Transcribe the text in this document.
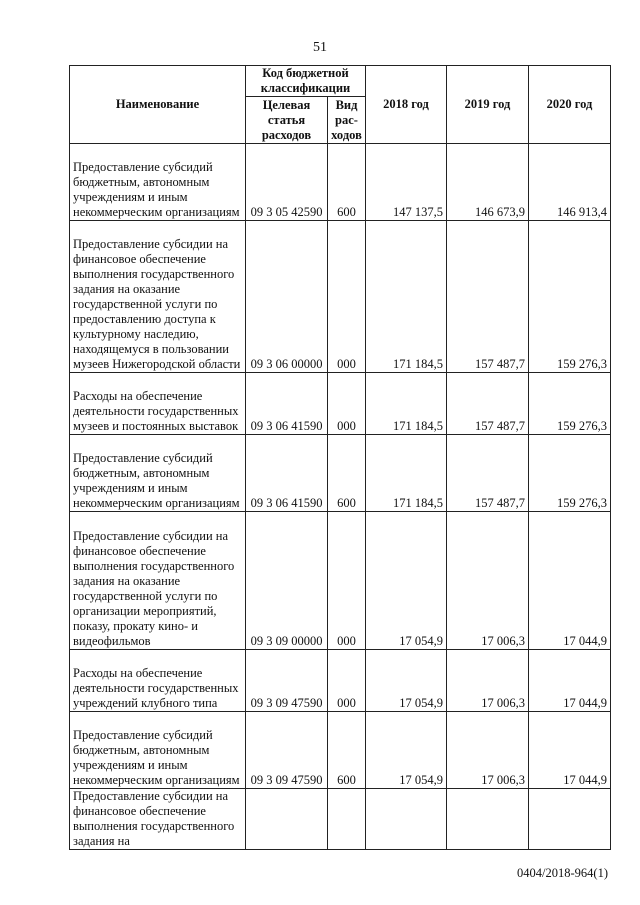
51
Наименование	Код бюджетной классификации		2018 год	2019 год	2020 год
	Целевая статья расходов	Вид рас-ходов			
Предоставление субсидий бюджетным, автономным учреждениям и иным некоммерческим организациям	09 3 05 42590	600	147 137,5	146 673,9	146 913,4
Предоставление субсидии на финансовое обеспечение выполнения государственного задания на оказание государственной услуги по предоставлению доступа к культурному наследию, находящемуся в пользовании музеев Нижегородской области	09 3 06 00000	000	171 184,5	157 487,7	159 276,3
Расходы на обеспечение деятельности государственных музеев и постоянных выставок	09 3 06 41590	000	171 184,5	157 487,7	159 276,3
Предоставление субсидий бюджетным, автономным учреждениям и иным некоммерческим организациям	09 3 06 41590	600	171 184,5	157 487,7	159 276,3
Предоставление субсидии на финансовое обеспечение выполнения государственного задания на оказание государственной услуги по организации мероприятий, показу, прокату кино- и видеофильмов	09 3 09 00000	000	17 054,9	17 006,3	17 044,9
Расходы на обеспечение деятельности государственных учреждений клубного типа	09 3 09 47590	000	17 054,9	17 006,3	17 044,9
Предоставление субсидий бюджетным, автономным учреждениям и иным некоммерческим организациям	09 3 09 47590	600	17 054,9	17 006,3	17 044,9
Предоставление субсидии на финансовое обеспечение выполнения государственного задания на					
0404/2018-964(1)
